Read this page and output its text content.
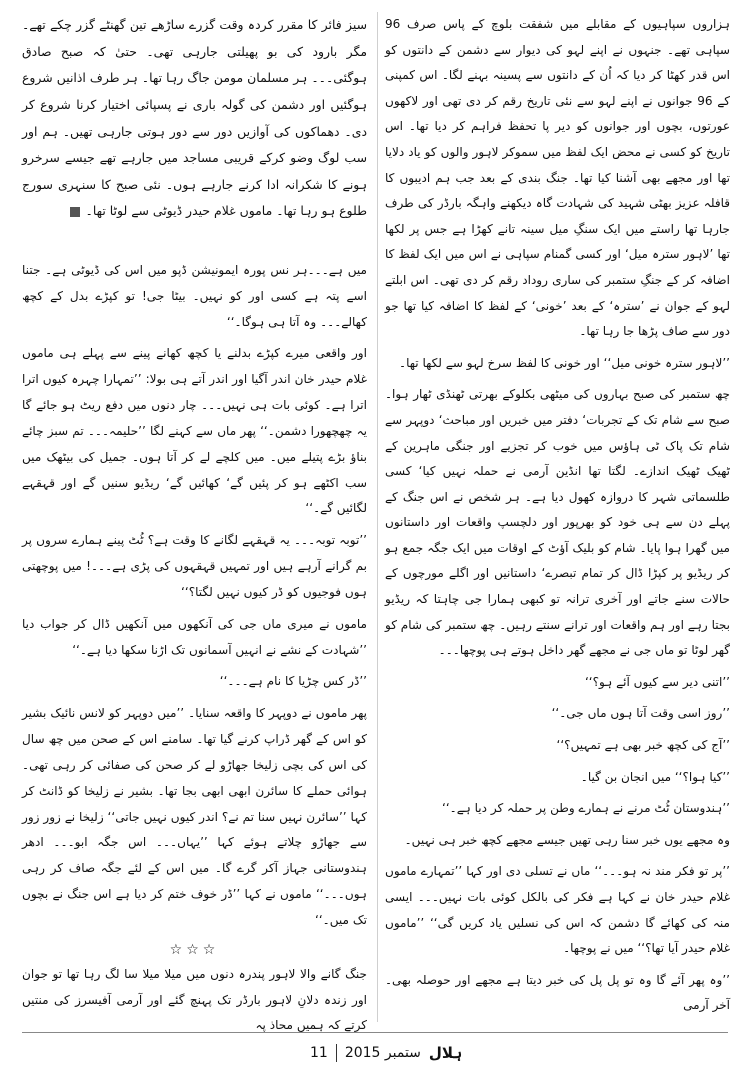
ہزاروں سپاہیوں کے مقابلے میں شفقت بلوچ کے پاس صرف 96 سپاہی تھے۔ جنہوں نے اپنے لہو کی دیوار سے دشمن کے دانتوں کو اس قدر کھٹا کر دیا کہ اُن کے دانتوں سے پسینہ بہنے لگا۔ اس کمپنی کے 96 جوانوں نے اپنے لہو سے نئی تاریخ رقم کر دی تھی اور لاکھوں عورتوں، بچوں اور جوانوں کو دیر پا تحفظ فراہم کر دیا تھا۔ اس تاریخ کو کسی نے محض ایک لفظ میں سموکر لاہور والوں کو یاد دلایا تھا اور مجھے بھی آشنا کیا تھا۔ جنگ بندی کے بعد جب ہم ادیبوں کا قافلہ عزیز بھٹی شہید کی شہادت گاہ دیکھنے واہگہ بارڈر کی طرف جارہا تھا راستے میں ایک سنگِ میل سینہ تانے کھڑا ہے جس پر لکھا تھا ’لاہور سترہ میل‘ اور کسی گمنام سپاہی نے اس میں ایک لفظ کا اضافہ کر کے جنگِ ستمبر کی ساری روداد رقم کر دی تھی۔ اس ابلتے لہو کے جوان نے ’سترہ‘ کے بعد ’خونی‘ کے لفظ کا اضافہ کیا تھا جو دور سے صاف پڑھا جا رہا تھا۔

’’لاہور سترہ خونی میل‘‘ اور خونی کا لفظ سرخ لہو سے لکھا تھا۔

چھ ستمبر کی صبح بہاروں کی میٹھی بکلوکے بھرتی ٹھنڈی ٹھار ہوا۔ صبح سے شام تک کے تجربات‘ دفتر میں خبریں اور مباحث‘ دوپہر سے شام تک پاک ٹی ہاؤس میں خوب کر تجزیے اور جنگی ماہرین کے ٹھیک ٹھیک اندازے۔ لگتا تھا انڈین آرمی نے حملہ نہیں کیا‘ کسی طلسماتی شہر کا دروازہ کھول دیا ہے۔ ہر شخص نے اس جنگ کے پہلے دن سے ہی خود کو بھرپور اور دلچسپ واقعات اور داستانوں میں گھرا ہوا پایا۔ شام کو بلیک آؤٹ کے اوقات میں ایک جگہ جمع ہو کر ریڈیو پر کپڑا ڈال کر تمام تبصرے‘ داستانیں اور اگلے مورچوں کے حالات سنے جاتے اور آخری ترانہ تو کبھی ہمارا جی چاہتا کہ ریڈیو بجتا رہے اور ہم واقعات اور ترانے سنتے رہیں۔ چھ ستمبر کی شام کو گھر لوٹا تو ماں جی نے مجھے گھر داخل ہوتے ہی پوچھا۔۔۔

’’اتنی دیر سے کیوں آئے ہو؟‘‘

’’روز اسی وقت آتا ہوں ماں جی۔‘‘

’’آج کی کچھ خبر بھی ہے تمہیں؟‘‘

’’کیا ہوا؟‘‘ میں انجان بن گیا۔

’’ہندوستان ٹُٹ مرنے نے ہمارے وطن پر حملہ کر دیا ہے۔‘‘

وہ مجھے یوں خبر سنا رہی تھیں جیسے مجھے کچھ خبر ہی نہیں۔

’’پر تو فکر مند نہ ہو۔۔۔‘‘ ماں نے تسلی دی اور کہا ’’تمہارے ماموں غلام حیدر خان نے کہا ہے فکر کی بالکل کوئی بات نہیں۔۔۔ ایسی منہ کی کھائے گا دشمن کہ اس کی نسلیں یاد کریں گی‘‘ ’’ماموں غلام حیدر آیا تھا؟‘‘ میں نے پوچھا۔

’’وہ پھر آئے گا وہ تو پل پل کی خبر دیتا ہے مجھے اور حوصلہ بھی۔ آخر آرمی

سیز فائر کا مقرر کردہ وقت گزرے ساڑھے تین گھنٹے گزر چکے تھے۔ مگر بارود کی بو پھیلتی جارہی تھی۔ حتیٰ کہ صبح صادق ہوگئی۔۔۔ ہر مسلمان مومن جاگ رہا تھا۔ ہر طرف اذانیں شروع ہوگئیں اور دشمن کی گولہ باری نے پسپائی اختیار کرنا شروع کر دی۔ دھماکوں کی آوازیں دور سے دور ہوتی جارہی تھیں۔ ہم اور سب لوگ وضو کرکے قریبی مساجد میں جارہے تھے جیسے سرخرو ہونے کا شکرانہ ادا کرنے جارہے ہوں۔ نئی صبح کا سنہری سورج طلوع ہو رہا تھا۔ ماموں غلام حیدر ڈیوٹی سے لوٹا تھا۔

میں ہے۔۔۔ہر نس پورہ ایمونیشن ڈپو میں اس کی ڈیوٹی ہے۔ جتنا اسے پتہ ہے کسی اور کو نہیں۔ بیٹا جی! تو کپڑے بدل کے کچھ کھالے۔۔۔ وہ آتا ہی ہوگا۔‘‘

اور واقعی میرے کپڑے بدلنے یا کچھ کھانے پینے سے پہلے ہی ماموں غلام حیدر خان اندر آگیا اور اندر آتے ہی بولا: ’’تمہارا چہرہ کیوں اترا اترا ہے۔ کوئی بات ہی نہیں۔۔۔ چار دنوں میں دفع ریٹ ہو جائے گا یہ چھچھورا دشمن۔‘‘ پھر ماں سے کہنے لگا ’’حلیمہ۔۔۔ تم سبز چائے بناؤ بڑے پتیلے میں۔ میں کلچے لے کر آتا ہوں۔ جمیل کی بیٹھک میں سب اکٹھے ہو کر پئیں گے‘ کھائیں گے‘ ریڈیو سنیں گے اور قہقہے لگائیں گے۔‘‘

’’توبہ توبہ۔۔۔ یہ قہقہے لگانے کا وقت ہے؟ ٹُٹ پینے ہمارے سروں پر بم گرانے آرہے ہیں اور تمہیں قہقہوں کی پڑی ہے۔۔۔! میں پوچھتی ہوں فوجیوں کو ڈر کیوں نہیں لگتا؟‘‘

ماموں نے میری ماں جی کی آنکھوں میں آنکھیں ڈال کر جواب دیا ’’شہادت کے نشے نے انہیں آسمانوں تک اڑنا سکھا دیا ہے۔‘‘

’’ڈر کس چڑیا کا نام ہے۔۔۔‘‘

پھر ماموں نے دوپہر کا واقعہ سنایا۔ ’’میں دوپہر کو لانس نائیک بشیر کو اس کے گھر ڈراپ کرنے گیا تھا۔ سامنے اس کے صحن میں چھ سال کی اس کی بچی زلیخا جھاڑو لے کر صحن کی صفائی کر رہی تھی۔ ہوائی حملے کا سائرن ابھی ابھی بجا تھا۔ بشیر نے زلیخا کو ڈانٹ کر کہا ’’سائرن نہیں سنا تم نے؟ اندر کیوں نہیں جاتی‘‘ زلیخا نے زور زور سے جھاڑو چلاتے ہوئے کہا ’’یہاں۔۔۔ اس جگہ ابو۔۔۔ ادھر ہندوستانی جہاز آکر گرے گا۔ میں اس کے لئے جگہ صاف کر رہی ہوں۔۔۔‘‘ ماموں نے کہا ’’ڈر خوف ختم کر دیا ہے اس جنگ نے بچوں تک میں۔‘‘

☆☆☆

جنگ گانے والا لاہور پندرہ دنوں میں میلا میلا سا لگ رہا تھا تو جوان اور زندہ دلانِ لاہور بارڈر تک پہنچ گئے اور آرمی آفیسرز کی منتیں کرتے کہ ہمیں محاذ پہ

ہلال
ستمبر 2015
11
